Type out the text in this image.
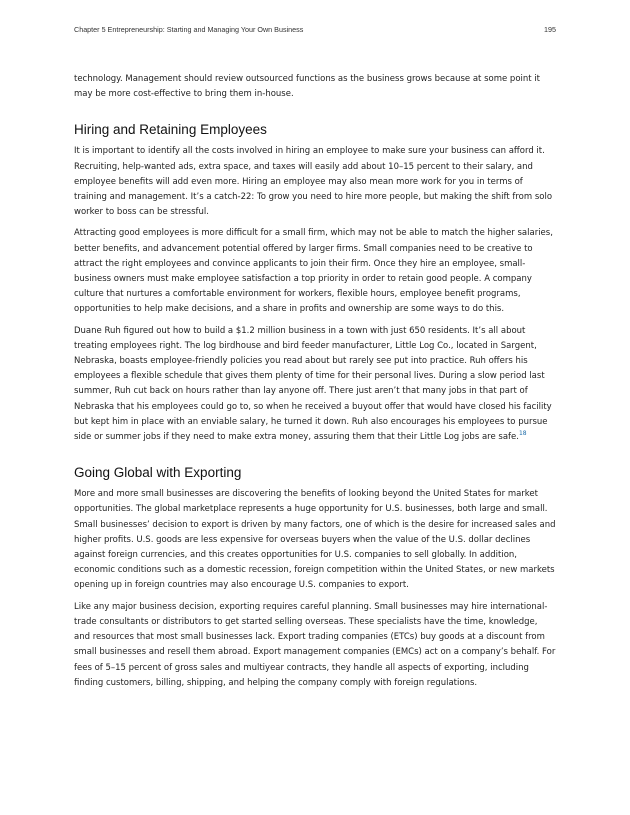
Chapter 5 Entrepreneurship: Starting and Managing Your Own Business	195

technology. Management should review outsourced functions as the business grows because at some point it may be more cost-effective to bring them in-house.

Hiring and Retaining Employees

It is important to identify all the costs involved in hiring an employee to make sure your business can afford it. Recruiting, help-wanted ads, extra space, and taxes will easily add about 10–15 percent to their salary, and employee benefits will add even more. Hiring an employee may also mean more work for you in terms of training and management. It’s a catch-22: To grow you need to hire more people, but making the shift from solo worker to boss can be stressful.

Attracting good employees is more difficult for a small firm, which may not be able to match the higher salaries, better benefits, and advancement potential offered by larger firms. Small companies need to be creative to attract the right employees and convince applicants to join their firm. Once they hire an employee, small-business owners must make employee satisfaction a top priority in order to retain good people. A company culture that nurtures a comfortable environment for workers, flexible hours, employee benefit programs, opportunities to help make decisions, and a share in profits and ownership are some ways to do this.

Duane Ruh figured out how to build a $1.2 million business in a town with just 650 residents. It’s all about treating employees right. The log birdhouse and bird feeder manufacturer, Little Log Co., located in Sargent, Nebraska, boasts employee-friendly policies you read about but rarely see put into practice. Ruh offers his employees a flexible schedule that gives them plenty of time for their personal lives. During a slow period last summer, Ruh cut back on hours rather than lay anyone off. There just aren’t that many jobs in that part of Nebraska that his employees could go to, so when he received a buyout offer that would have closed his facility but kept him in place with an enviable salary, he turned it down. Ruh also encourages his employees to pursue side or summer jobs if they need to make extra money, assuring them that their Little Log jobs are safe.$^{18}$

Going Global with Exporting

More and more small businesses are discovering the benefits of looking beyond the United States for market opportunities. The global marketplace represents a huge opportunity for U.S. businesses, both large and small. Small businesses’ decision to export is driven by many factors, one of which is the desire for increased sales and higher profits. U.S. goods are less expensive for overseas buyers when the value of the U.S. dollar declines against foreign currencies, and this creates opportunities for U.S. companies to sell globally. In addition, economic conditions such as a domestic recession, foreign competition within the United States, or new markets opening up in foreign countries may also encourage U.S. companies to export.

Like any major business decision, exporting requires careful planning. Small businesses may hire international-trade consultants or distributors to get started selling overseas. These specialists have the time, knowledge, and resources that most small businesses lack. Export trading companies (ETCs) buy goods at a discount from small businesses and resell them abroad. Export management companies (EMCs) act on a company’s behalf. For fees of 5–15 percent of gross sales and multiyear contracts, they handle all aspects of exporting, including finding customers, billing, shipping, and helping the company comply with foreign regulations.
